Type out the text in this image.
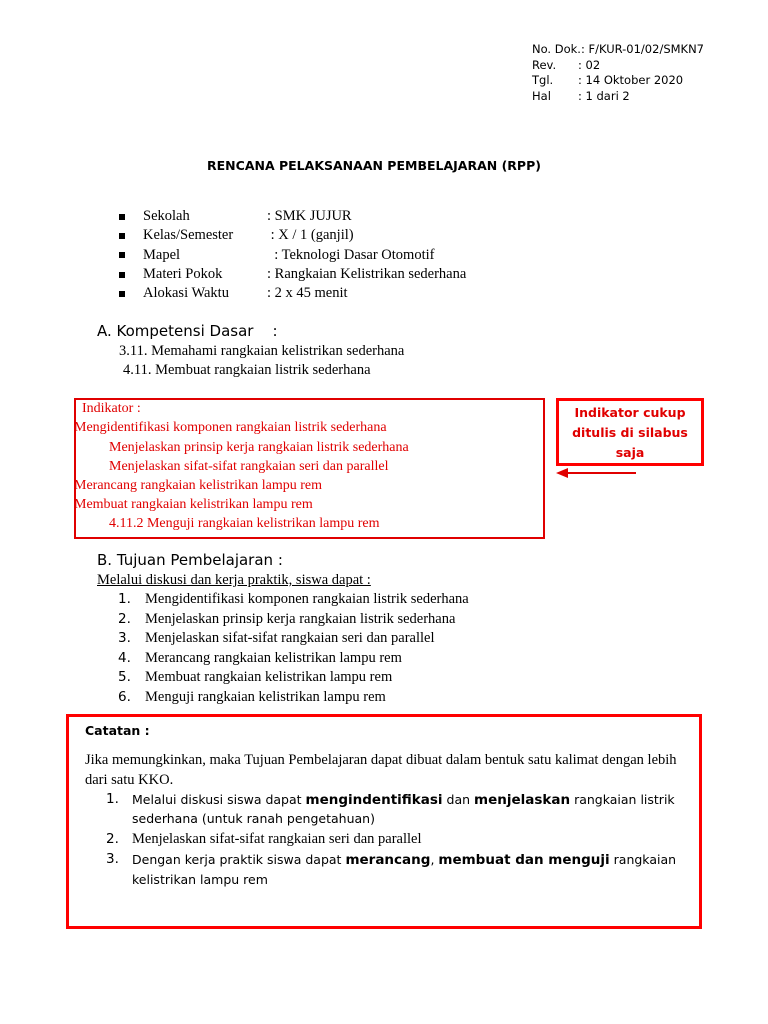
No. Dok.:
F/KUR-01/02/SMKN7
Rev.	: 02
Tgl.	: 14 Oktober 2020
Hal	: 1 dari 2
RENCANA PELAKSANAAN PEMBELAJARAN (RPP)
Sekolah	: SMK JUJUR
Kelas/Semester	: X / 1 (ganjil)
Mapel	: Teknologi Dasar Otomotif
Materi Pokok	: Rangkaian Kelistrikan sederhana
Alokasi Waktu	: 2 x 45 menit
A. Kompetensi Dasar    :
3.11. Memahami rangkaian kelistrikan sederhana
4.11. Membuat rangkaian listrik sederhana
Indikator :
Mengidentifikasi komponen rangkaian listrik sederhana
Menjelaskan prinsip kerja rangkaian listrik sederhana
Menjelaskan sifat-sifat rangkaian seri dan parallel
Merancang rangkaian kelistrikan lampu rem
Membuat rangkaian kelistrikan lampu rem
4.11.2 Menguji rangkaian kelistrikan lampu rem
Indikator cukup
ditulis di silabus
saja
B. Tujuan Pembelajaran :
Melalui diskusi dan kerja praktik, siswa dapat :
1. Mengidentifikasi komponen rangkaian listrik sederhana
2. Menjelaskan prinsip kerja rangkaian listrik sederhana
3. Menjelaskan sifat-sifat rangkaian seri dan parallel
4. Merancang rangkaian kelistrikan lampu rem
5. Membuat rangkaian kelistrikan lampu rem
6. Menguji rangkaian kelistrikan lampu rem
Catatan :
Jika memungkinkan, maka Tujuan Pembelajaran dapat dibuat dalam bentuk satu kalimat dengan lebih dari satu KKO.
1. Melalui diskusi siswa dapat mengindentifikasi dan menjelaskan rangkaian listrik
sederhana (untuk ranah pengetahuan)
2. Menjelaskan sifat-sifat rangkaian seri dan parallel
3. Dengan kerja praktik siswa dapat merancang, membuat dan menguji rangkaian
kelistrikan lampu rem
